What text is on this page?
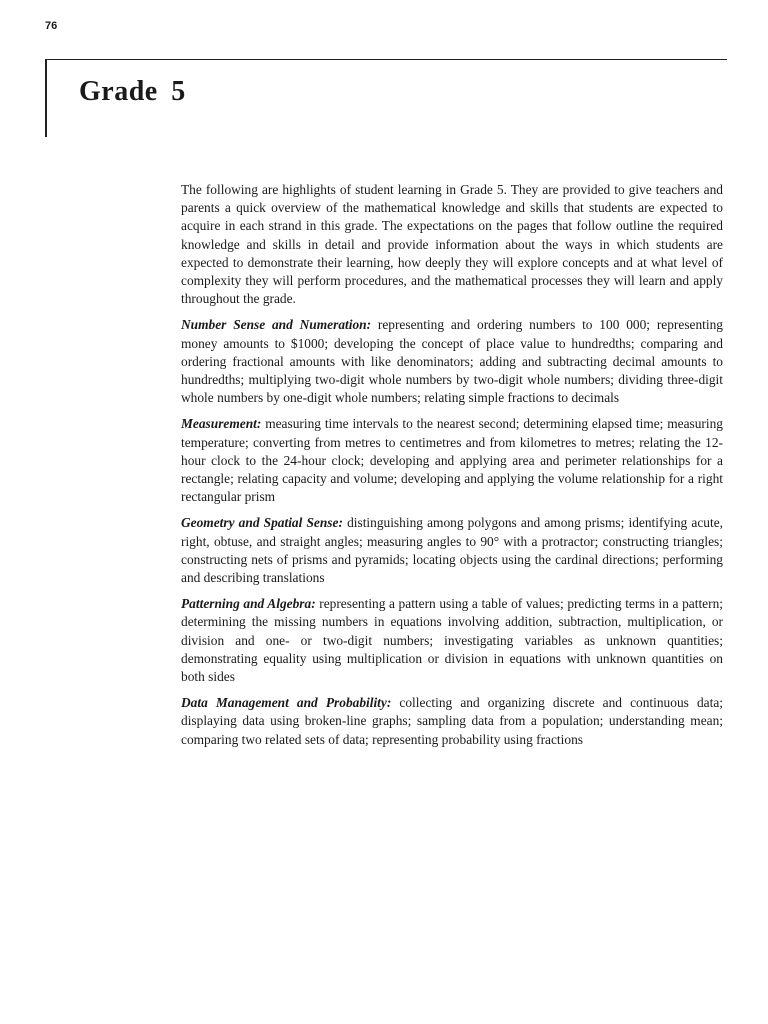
76
Grade 5

The following are highlights of student learning in Grade 5. They are provided to give teachers and parents a quick overview of the mathematical knowledge and skills that students are expected to acquire in each strand in this grade. The expectations on the pages that follow outline the required knowledge and skills in detail and provide information about the ways in which students are expected to demonstrate their learning, how deeply they will explore concepts and at what level of complexity they will perform procedures, and the mathematical processes they will learn and apply throughout the grade.

Number Sense and Numeration: representing and ordering numbers to 100 000; representing money amounts to $1000; developing the concept of place value to hundredths; comparing and ordering fractional amounts with like denominators; adding and subtracting decimal amounts to hundredths; multiplying two-digit whole numbers by two-digit whole numbers; dividing three-digit whole numbers by one-digit whole numbers; relating simple fractions to decimals

Measurement: measuring time intervals to the nearest second; determining elapsed time; measuring temperature; converting from metres to centimetres and from kilometres to metres; relating the 12-hour clock to the 24-hour clock; developing and applying area and perimeter relationships for a rectangle; relating capacity and volume; developing and applying the volume relationship for a right rectangular prism

Geometry and Spatial Sense: distinguishing among polygons and among prisms; identifying acute, right, obtuse, and straight angles; measuring angles to 90° with a protractor; constructing triangles; constructing nets of prisms and pyramids; locating objects using the cardinal directions; performing and describing translations

Patterning and Algebra: representing a pattern using a table of values; predicting terms in a pattern; determining the missing numbers in equations involving addition, subtraction, multiplication, or division and one- or two-digit numbers; investigating variables as unknown quantities; demonstrating equality using multiplication or division in equations with unknown quantities on both sides

Data Management and Probability: collecting and organizing discrete and continuous data; displaying data using broken-line graphs; sampling data from a population; understanding mean; comparing two related sets of data; representing probability using fractions
